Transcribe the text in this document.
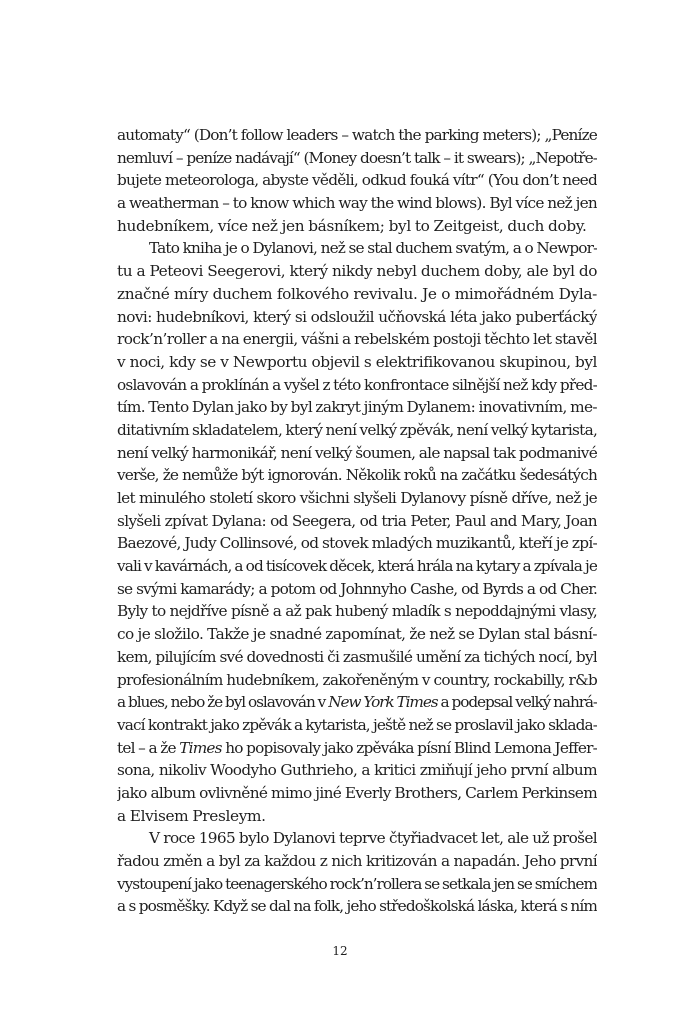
automaty“ (Don’t follow leaders – watch the parking meters); „Peníze
nemluví – peníze nadávají“ (Money doesn’t talk – it swears); „Nepotře-
bujete meteorologa, abyste věděli, odkud fouká vítr“ (You don’t need
a weatherman – to know which way the wind blows). Byl více než jen
hudebníkem, více než jen básníkem; byl to Zeitgeist, duch doby.
Tato kniha je o Dylanovi, než se stal duchem svatým, a o Newpor-
tu a Peteovi Seegerovi, který nikdy nebyl duchem doby, ale byl do
značné míry duchem folkového revivalu. Je o mimořádném Dyla-
novi: hudebníkovi, který si odsloužil učňovská léta jako puberťácký
rock’n’roller a na energii, vášni a rebelském postoji těchto let stavěl
v noci, kdy se v Newportu objevil s elektrifikovanou skupinou, byl
oslavován a proklínán a vyšel z této konfrontace silnější než kdy před-
tím. Tento Dylan jako by byl zakryt jiným Dylanem: inovativním, me-
ditativním skladatelem, který není velký zpěvák, není velký kytarista,
není velký harmonikář, není velký šoumen, ale napsal tak podmanivé
verše, že nemůže být ignorován. Několik roků na začátku šedesátých
let minulého století skoro všichni slyšeli Dylanovy písně dříve, než je
slyšeli zpívat Dylana: od Seegera, od tria Peter, Paul and Mary, Joan
Baezové, Judy Collinsové, od stovek mladých muzikantů, kteří je zpí-
vali v kavárnách, a od tisícovek děcek, která hrála na kytary a zpívala je
se svými kamarády; a potom od Johnnyho Cashe, od Byrds a od Cher.
Byly to nejdříve písně a až pak hubený mladík s nepoddajnými vlasy,
co je složilo. Takže je snadné zapomínat, že než se Dylan stal básní-
kem, pilujícím své dovednosti či zasmušilé umění za tichých nocí, byl
profesionálním hudebníkem, zakořeněným v country, rockabilly, r&b
a blues, nebo že byl oslavován v New York Times a podepsal velký nahrá-
vací kontrakt jako zpěvák a kytarista, ještě než se proslavil jako sklada-
tel – a že Times ho popisovaly jako zpěváka písní Blind Lemona Jeffer-
sona, nikoliv Woodyho Guthrieho, a kritici zmiňují jeho první album
jako album ovlivněné mimo jiné Everly Brothers, Carlem Perkinsem
a Elvisem Presleym.
V roce 1965 bylo Dylanovi teprve čtyřiadvacet let, ale už prošel
řadou změn a byl za každou z nich kritizován a napadán. Jeho první
vystoupení jako teenagerského rock’n’rollera se setkala jen se smíchem
a s posměšky. Když se dal na folk, jeho středoškolská láska, která s ním
12
